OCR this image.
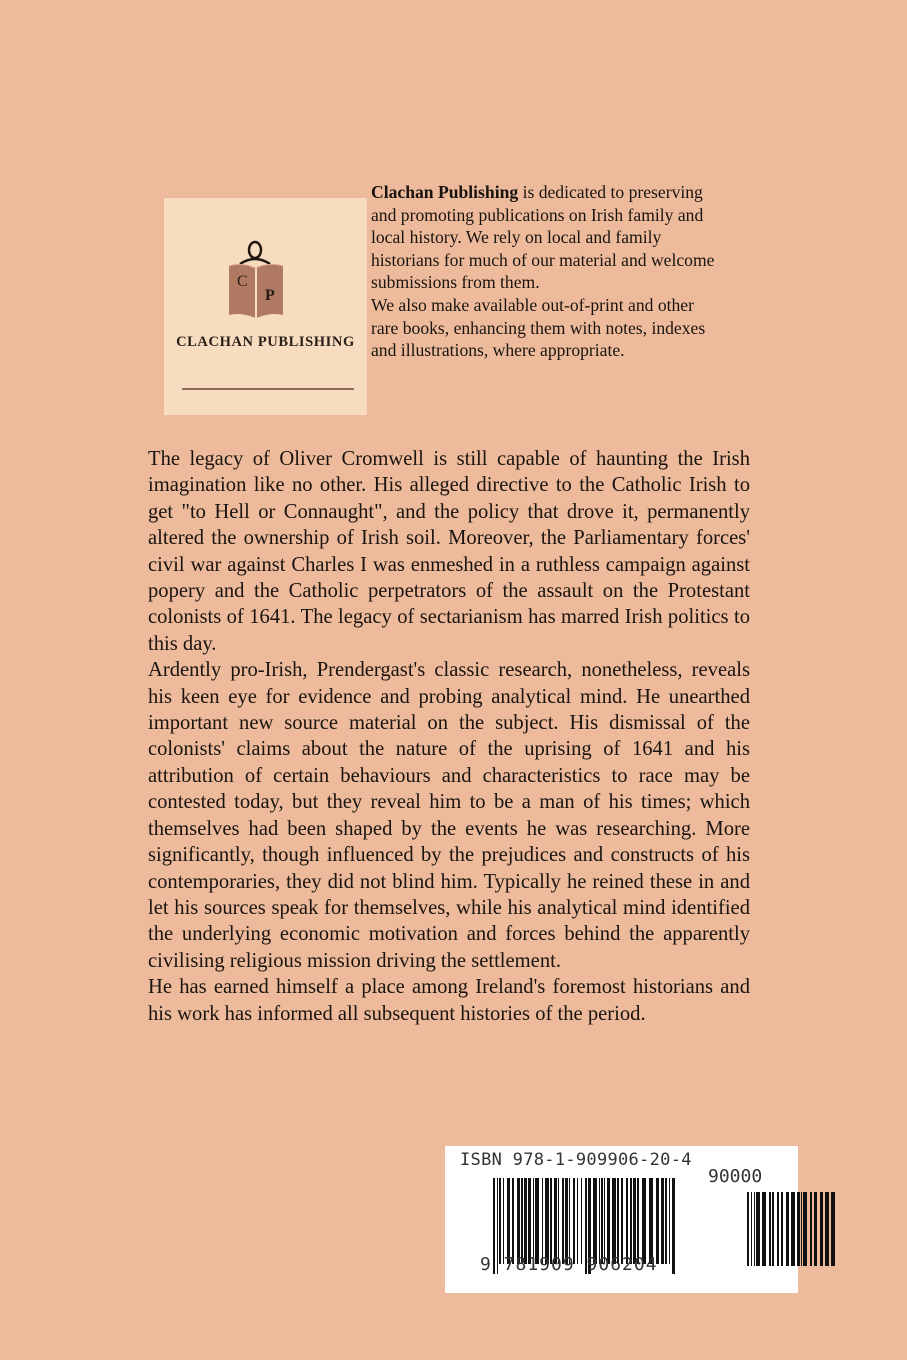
C
P
CLACHAN PUBLISHING

Clachan Publishing is dedicated to preserving and promoting publications on Irish family and local history. We rely on local and family historians for much of our material and welcome submissions from them.

We also make available out-of-print and other rare books, enhancing them with notes, indexes and illustrations, where appropriate.

The legacy of Oliver Cromwell is still capable of haunting the Irish imagination like no other. His alleged directive to the Catholic Irish to get "to Hell or Connaught", and the policy that drove it, permanently altered the ownership of Irish soil. Moreover, the Parliamentary forces' civil war against Charles I was enmeshed in a ruthless campaign against popery and the Catholic perpetrators of the assault on the Protestant colonists of 1641. The legacy of sectarianism has marred Irish politics to this day.

Ardently pro-Irish, Prendergast's classic research, nonetheless, reveals his keen eye for evidence and probing analytical mind. He unearthed important new source material on the subject. His dismissal of the colonists' claims about the nature of the uprising of 1641 and his attribution of certain behaviours and characteristics to race may be contested today, but they reveal him to be a man of his times; which themselves had been shaped by the events he was researching. More significantly, though influenced by the prejudices and constructs of his contemporaries, they did not blind him. Typically he reined these in and let his sources speak for themselves, while his analytical mind identified the underlying economic motivation and forces behind the apparently civilising religious mission driving the settlement.

He has earned himself a place among Ireland's foremost historians and his work has informed all subsequent histories of the period.

ISBN 978-1-909906-20-4
90000
9 781909 906204
